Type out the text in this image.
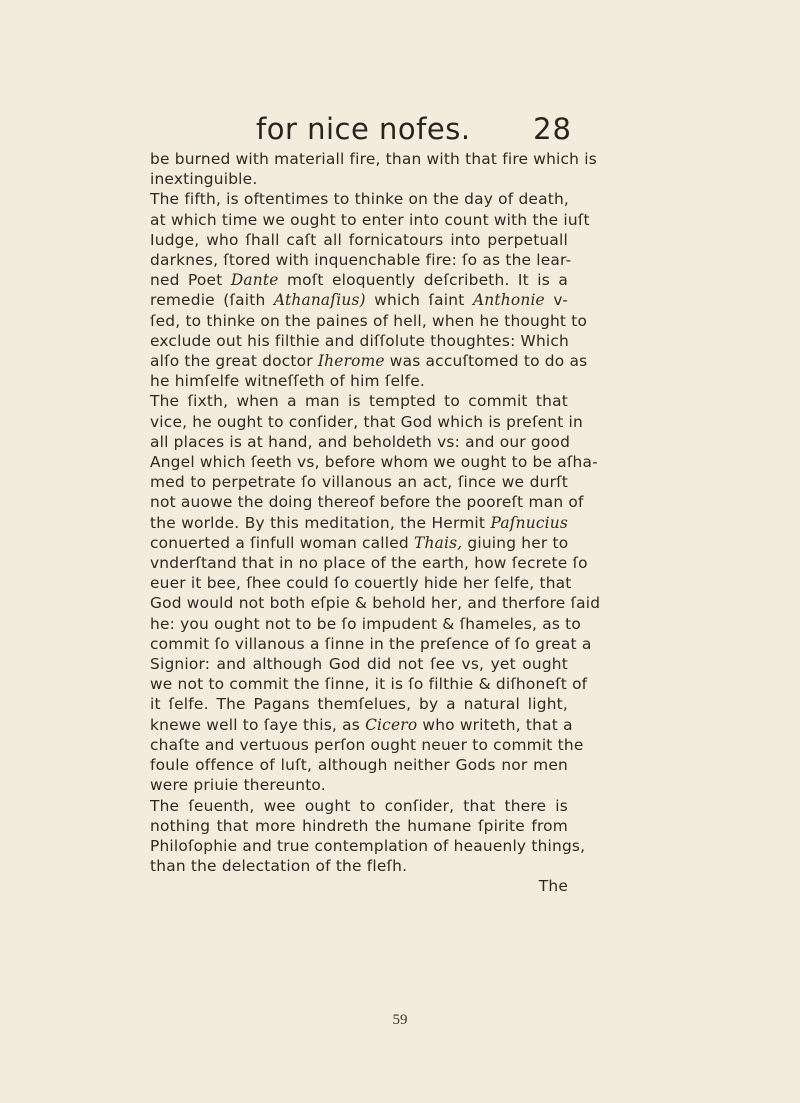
for nice nofes. 28
be burned with materiall fire, than with that fire which is
inextinguible.
The fifth, is oftentimes to thinke on the day of death,
at which time we ought to enter into count with the iuſt
Iudge, who ſhall caſt all fornicatours into perpetuall
darknes, ſtored with inquenchable fire: ſo as the lear-
ned Poet Dante moſt eloquently deſcribeth. It is a
remedie (ſaith Athanaſius) which ſaint Anthonie v-
ſed, to thinke on the paines of hell, when he thought to
exclude out his filthie and diſſolute thoughtes: Which
alſo the great doctor Iherome was accuſtomed to do as
he himſelfe witneſſeth of him ſelfe.
The ſixth, when a man is tempted to commit that
vice, he ought to conſider, that God which is preſent in
all places is at hand, and beholdeth vs: and our good
Angel which ſeeth vs, before whom we ought to be aſha-
med to perpetrate ſo villanous an act, ſince we durſt
not auowe the doing thereof before the pooreſt man of
the worlde. By this meditation, the Hermit Paſnucius
conuerted a ſinfull woman called Thais, giuing her to
vnderſtand that in no place of the earth, how ſecrete ſo
euer it bee, ſhee could ſo couertly hide her ſelfe, that
God would not both eſpie & behold her, and therfore ſaid
he: you ought not to be ſo impudent & ſhameles, as to
commit ſo villanous a ſinne in the preſence of ſo great a
Signior: and although God did not ſee vs, yet ought
we not to commit the ſinne, it is ſo filthie & diſhoneſt of
it ſelfe. The Pagans themſelues, by a natural light,
knewe well to ſaye this, as Cicero who writeth, that a
chaſte and vertuous perſon ought neuer to commit the
foule offence of luſt, although neither Gods nor men
were priuie thereunto.
The ſeuenth, wee ought to conſider, that there is
nothing that more hindreth the humane ſpirite from
Philoſophie and true contemplation of heauenly things,
than the delectation of the fleſh.
The
59
